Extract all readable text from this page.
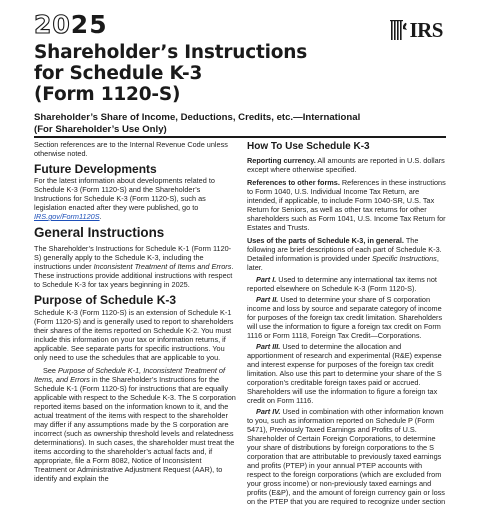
2025	IRS
Shareholder’s Instructions
for Schedule K-3
(Form 1120-S)
Shareholder’s Share of Income, Deductions, Credits, etc.—International
(For Shareholder’s Use Only)

Section references are to the Internal Revenue Code unless otherwise noted.

Future Developments

For the latest information about developments related to Schedule K-3 (Form 1120-S) and the Shareholder’s Instructions for Schedule K-3 (Form 1120-S), such as legislation enacted after they were published, go to IRS.gov/Form1120S.

General Instructions

The Shareholder’s Instructions for Schedule K-1 (Form 1120-S) generally apply to the Schedule K-3, including the instructions under Inconsistent Treatment of Items and Errors. These instructions provide additional instructions with respect to Schedule K-3 for tax years beginning in 2025.

Purpose of Schedule K-3

Schedule K-3 (Form 1120-S) is an extension of Schedule K-1 (Form 1120-S) and is generally used to report to shareholders their shares of the items reported on Schedule K-2. You must include this information on your tax or information returns, if applicable. See separate parts for specific instructions. You only need to use the schedules that are applicable to you.

See Purpose of Schedule K-1, Inconsistent Treatment of Items, and Errors in the Shareholder’s Instructions for the Schedule K-1 (Form 1120-S) for instructions that are equally applicable with respect to the Schedule K-3. The S corporation reported items based on the information known to it, and the actual treatment of the items with respect to the shareholder may differ if any assumptions made by the S corporation are incorrect (such as ownership threshold levels and relatedness determinations). In such cases, the shareholder must treat the items according to the shareholder’s actual facts and, if appropriate, file a Form 8082, Notice of Inconsistent Treatment or Administrative Adjustment Request (AAR), to identify and explain the

How To Use Schedule K-3

Reporting currency. All amounts are reported in U.S. dollars except where otherwise specified.

References to other forms. References in these instructions to Form 1040, U.S. Individual Income Tax Return, are intended, if applicable, to include Form 1040-SR, U.S. Tax Return for Seniors, as well as other tax returns for other shareholders such as Form 1041, U.S. Income Tax Return for Estates and Trusts.

Uses of the parts of Schedule K-3, in general. The following are brief descriptions of each part of Schedule K-3. Detailed information is provided under Specific Instructions, later.

Part I. Used to determine any international tax items not reported elsewhere on Schedule K-3 (Form 1120-S).

Part II. Used to determine your share of S corporation income and loss by source and separate category of income for purposes of the foreign tax credit limitation. Shareholders will use the information to figure a foreign tax credit on Form 1116 or Form 1118, Foreign Tax Credit—Corporations.

Part III. Used to determine the allocation and apportionment of research and experimental (R&E) expense and interest expense for purposes of the foreign tax credit limitation. Also use this part to determine your share of the S corporation’s creditable foreign taxes paid or accrued. Shareholders will use the information to figure a foreign tax credit on Form 1116.

Part IV. Used in combination with other information known to you, such as information reported on Schedule P (Form 5471), Previously Taxed Earnings and Profits of U.S. Shareholder of Certain Foreign Corporations, to determine your share of distributions by foreign corporations to the S corporation that are attributable to previously taxed earnings and profits (PTEP) in your annual PTEP accounts with respect to the foreign corporations (which are excluded from your gross income) or non-previously taxed earnings and profits (E&P), and the amount of foreign currency gain or loss on the PTEP that you are required to recognize under section
